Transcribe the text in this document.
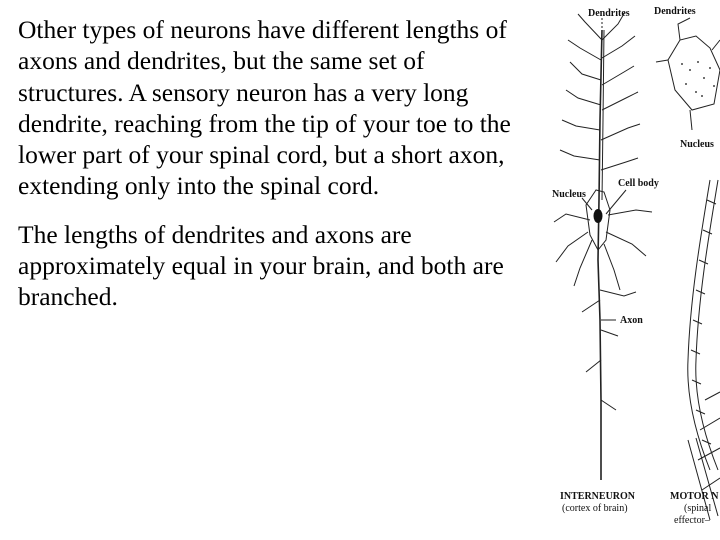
Other types of neurons have different lengths of axons and dendrites, but the same set of structures. A sensory neuron has a very long dendrite, reaching from the tip of your toe to the lower part of your spinal cord, but a short axon, extending only into the spinal cord.

The lengths of dendrites and axons are approximately equal in your brain, and both are branched.

Dendrites
Nucleus
Cell body
Axon
INTERNEURON
(cortex of brain)
Dendrites
Nucleus
MOTOR N
(spinal
effector–
